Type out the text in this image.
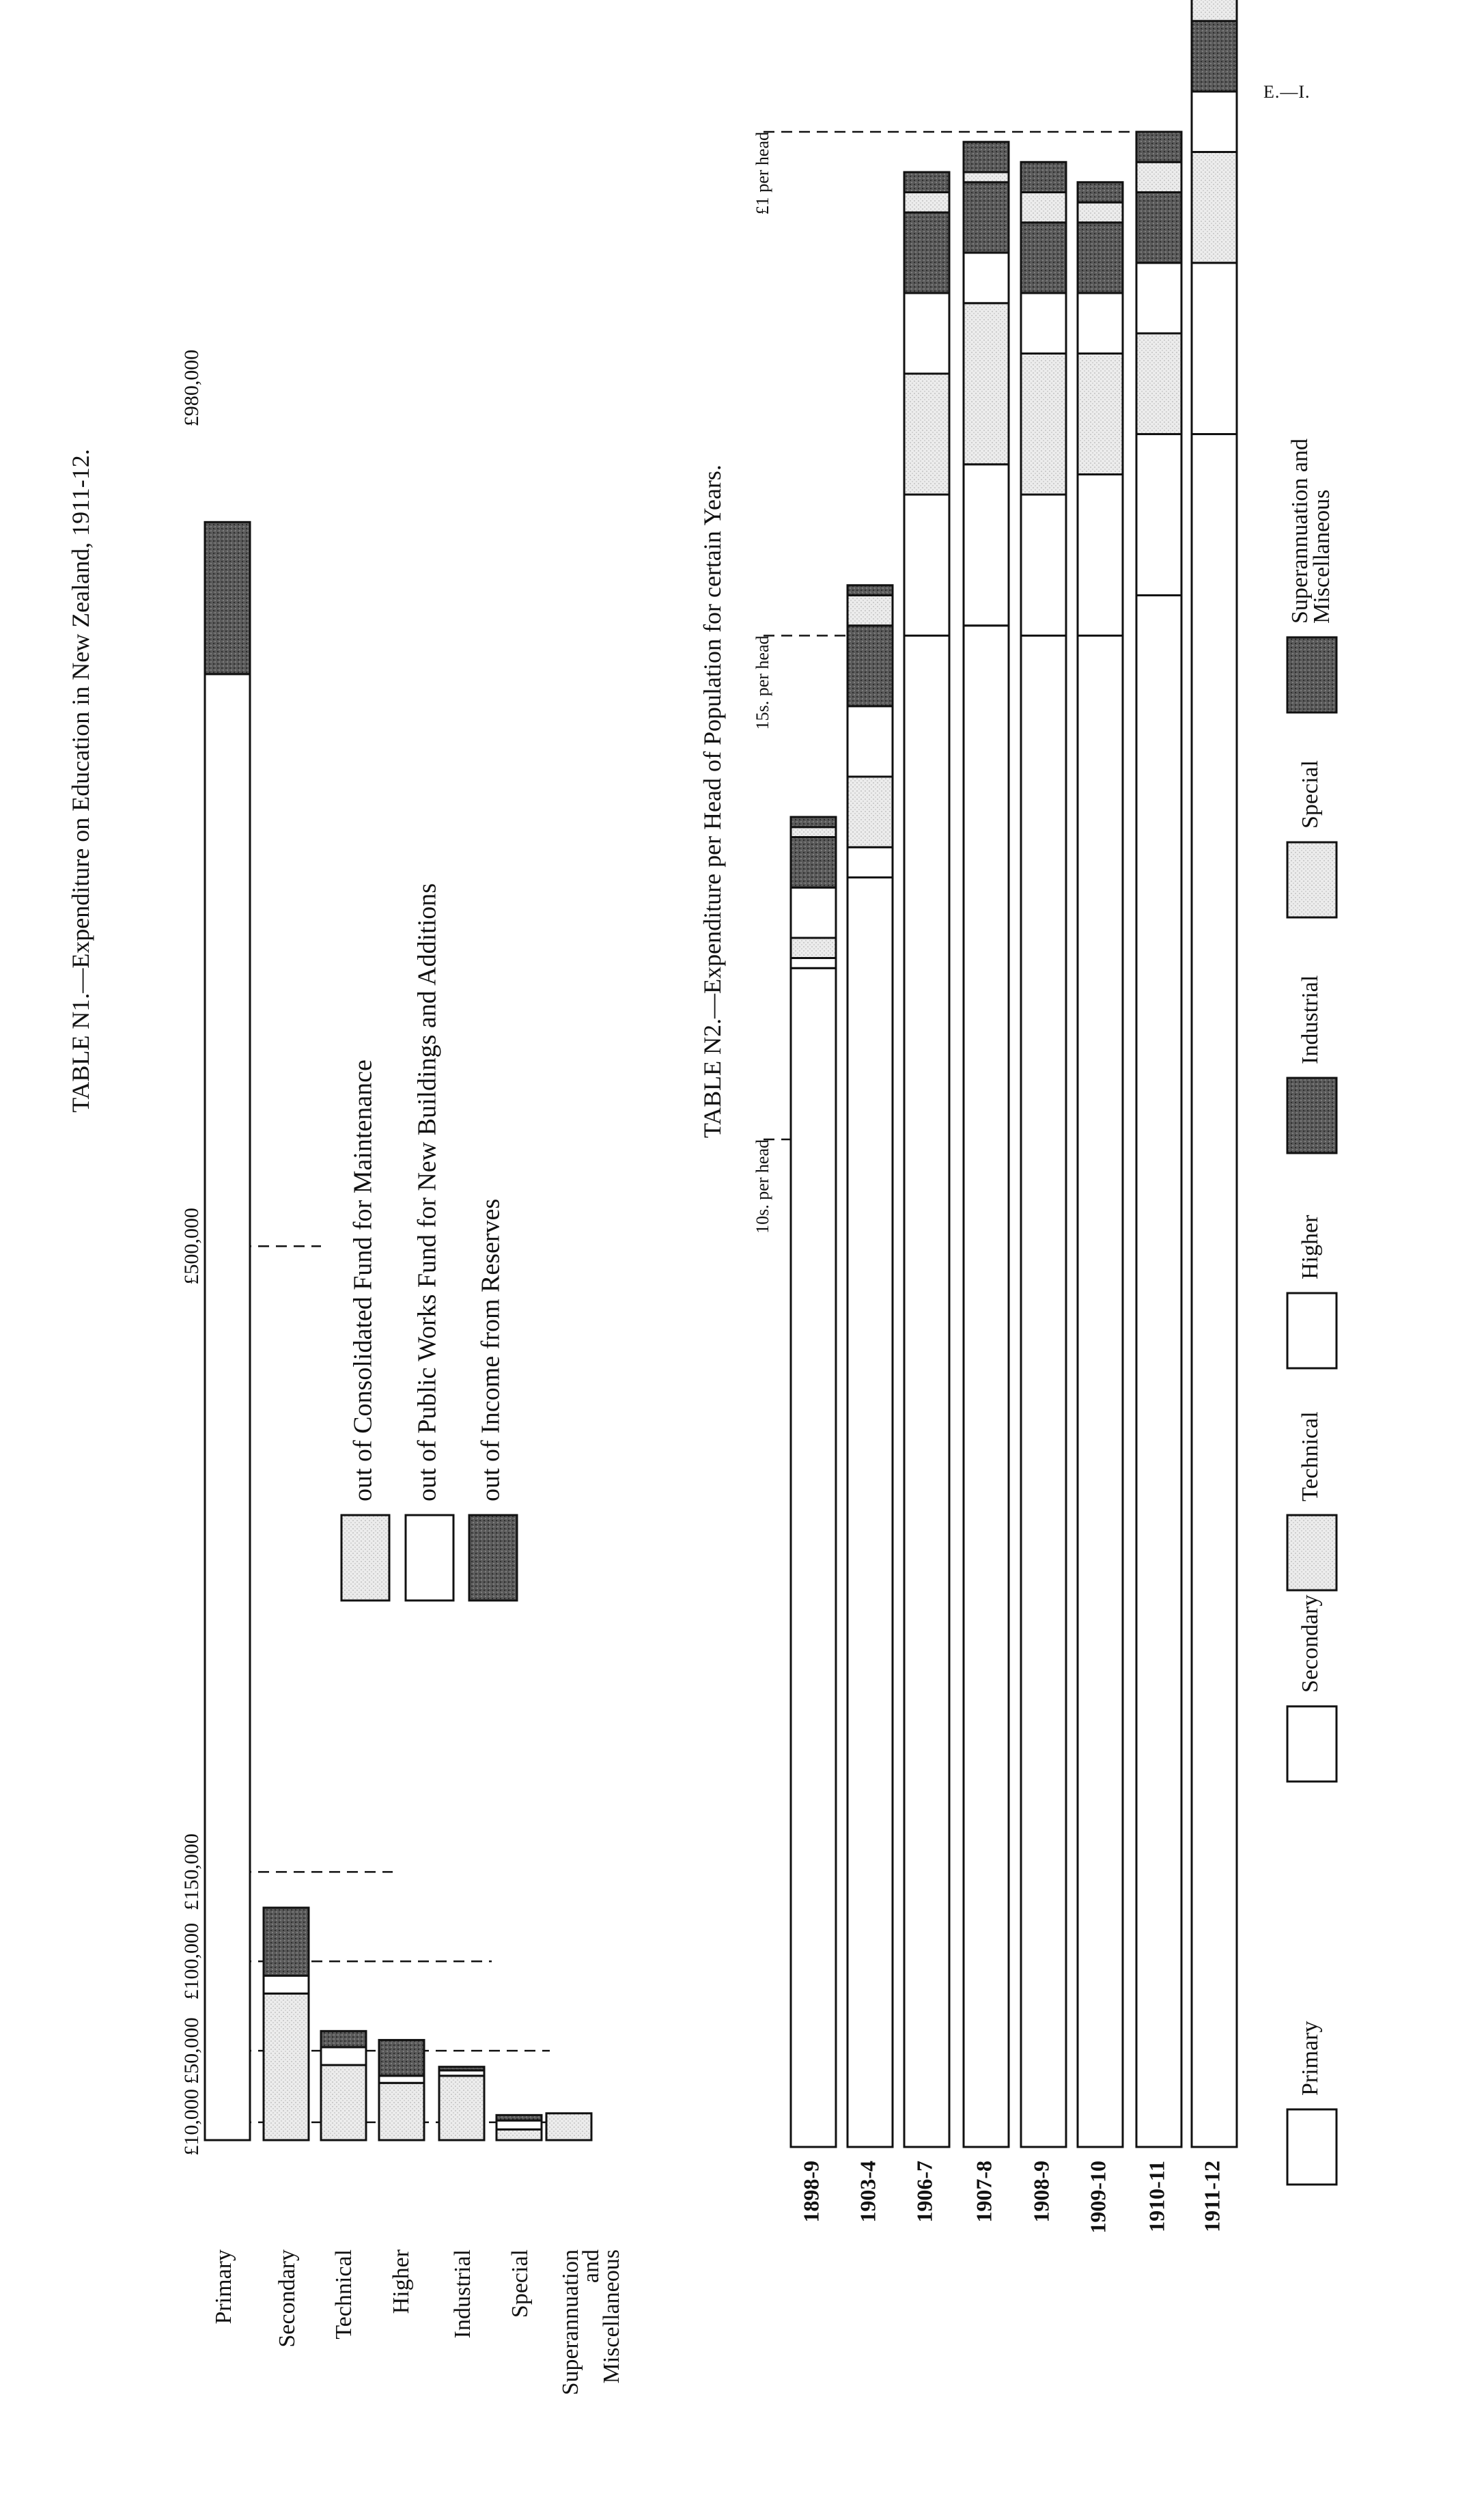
E.—I.
TABLE N1.—Expenditure on Education in New Zealand, 1911-12.
£10,000
£50,000
£100,000
£150,000
£500,000
£980,000
Primary Secondary Technical Higher Industrial Special SuperannuationandMiscellaneous
out of Consolidated Fund for Maintenance out of Public Works Fund for New Buildings and Additions out of Income from Reserves
TABLE N2.—Expenditure per Head of Population for certain Years.
10s. per head
15s. per head
£1 per head
1898-9 1903-4 1906-7 1907-8 1908-9 1909-10 1910-11 1911-12
Primary
Secondary
Technical
Higher
Industrial
Special
Superannuation andMiscellaneous
